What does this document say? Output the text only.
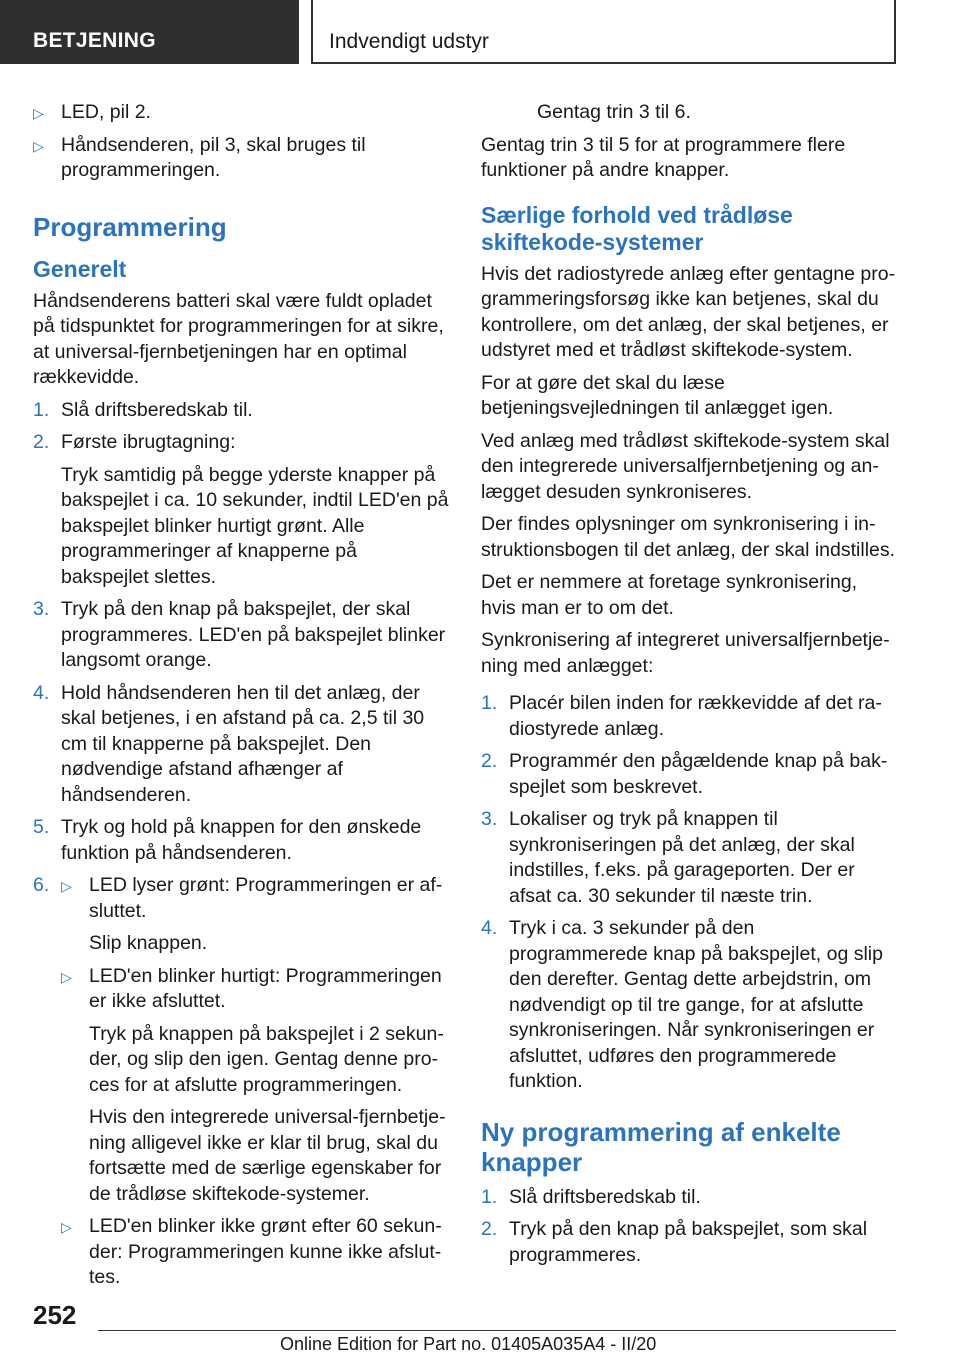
BETJENING	Indvendigt udstyr
▷ LED, pil 2.
▷ Håndsenderen, pil 3, skal bruges til programmeringen.
Programmering
Generelt

Håndsenderens batteri skal være fuldt opladet på tidspunktet for programmeringen for at sikre, at universal-fjernbetjeningen har en optimal rækkevidde.

1. Slå driftsberedskab til.
2. Første ibrugtagning:
Tryk samtidig på begge yderste knapper på bakspejlet i ca. 10 sekunder, indtil LED'en på bakspejlet blinker hurtigt grønt. Alle programmeringer af knapperne på bakspejlet slettes.
3. Tryk på den knap på bakspejlet, der skal programmeres. LED'en på bakspejlet blinker langsomt orange.
4. Hold håndsenderen hen til det anlæg, der skal betjenes, i en afstand på ca. 2,5 til 30 cm til knapperne på bakspejlet. Den nødvendige afstand afhænger af håndsenderen.
5. Tryk og hold på knappen for den ønskede funktion på håndsenderen.
6. ▷ LED lyser grønt: Programmeringen er afsluttet.
Slip knappen.
▷ LED'en blinker hurtigt: Programmeringen er ikke afsluttet.
Tryk på knappen på bakspejlet i 2 sekunder, og slip den igen. Gentag denne proces for at afslutte programmeringen.
Hvis den integrerede universal-fjernbetjening alligevel ikke er klar til brug, skal du fortsætte med de særlige egenskaber for de trådløse skiftekode-systemer.
▷ LED'en blinker ikke grønt efter 60 sekunder: Programmeringen kunne ikke afsluttes.
Gentag trin 3 til 6.

Gentag trin 3 til 5 for at programmere flere funktioner på andre knapper.

Særlige forhold ved trådløse skiftekode-systemer

Hvis det radiostyrede anlæg efter gentagne programmeringsforsøg ikke kan betjenes, skal du kontrollere, om det anlæg, der skal betjenes, er udstyret med et trådløst skiftekode-system.

For at gøre det skal du læse betjeningsvejledningen til anlægget igen.

Ved anlæg med trådløst skiftekode-system skal den integrerede universalfjernbetjening og anlægget desuden synkroniseres.

Der findes oplysninger om synkronisering i instruktionsbogen til det anlæg, der skal indstilles.

Det er nemmere at foretage synkronisering, hvis man er to om det.

Synkronisering af integreret universalfjernbetjening med anlægget:

1. Placér bilen inden for rækkevidde af det radiostyrede anlæg.
2. Programmér den pågældende knap på bakspejlet som beskrevet.
3. Lokaliser og tryk på knappen til synkroniseringen på det anlæg, der skal indstilles, f.eks. på garageporten. Der er afsat ca. 30 sekunder til næste trin.
4. Tryk i ca. 3 sekunder på den programmerede knap på bakspejlet, og slip den derefter. Gentag dette arbejdstrin, om nødvendigt op til tre gange, for at afslutte synkroniseringen. Når synkroniseringen er afsluttet, udføres den programmerede funktion.
Ny programmering af enkelte knapper
1. Slå driftsberedskab til.
2. Tryk på den knap på bakspejlet, som skal programmeres.
252
Online Edition for Part no. 01405A035A4 - II/20
